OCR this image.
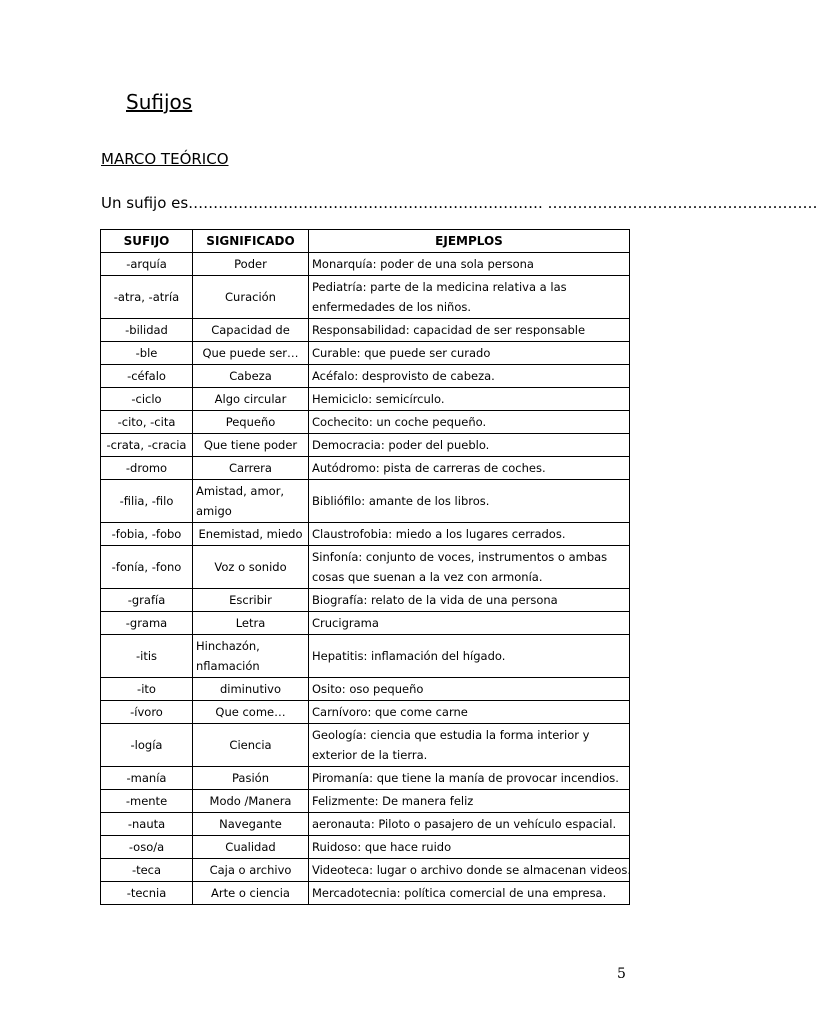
Sufijos
MARCO TEÓRICO
Un sufijo es…………………………………………………………….. ………………………………………………
SUFIJO	SIGNIFICADO	EJEMPLOS
-arquía	Poder	Monarquía: poder de una sola persona
-atra, -atría	Curación	Pediatría: parte de la medicina relativa a las enfermedades de los niños.
-bilidad	Capacidad de	Responsabilidad: capacidad de ser responsable
-ble	Que puede ser…	Curable: que puede ser curado
-céfalo	Cabeza	Acéfalo: desprovisto de cabeza.
-ciclo	Algo circular	Hemiciclo: semicírculo.
-cito, -cita	Pequeño	Cochecito: un coche pequeño.
-crata, -cracia	Que tiene poder	Democracia: poder del pueblo.
-dromo	Carrera	Autódromo: pista de carreras de coches.
-filia, -filo	Amistad, amor, amigo	Bibliófilo: amante de los libros.
-fobia, -fobo	Enemistad, miedo	Claustrofobia: miedo a los lugares cerrados.
-fonía, -fono	Voz o sonido	Sinfonía: conjunto de voces, instrumentos o ambas cosas que suenan a la vez con armonía.
-grafía	Escribir	Biografía: relato de la vida de una persona
-grama	Letra	Crucigrama
-itis	Hinchazón, nflamación	Hepatitis: inflamación del hígado.
-ito	diminutivo	Osito: oso pequeño
-ívoro	Que come…	Carnívoro: que come carne
-logía	Ciencia	Geología: ciencia que estudia la forma interior y exterior de la tierra.
-manía	Pasión	Piromanía: que tiene la manía de provocar incendios.
-mente	Modo /Manera	Felizmente: De manera feliz
-nauta	Navegante	aeronauta: Piloto o pasajero de un vehículo espacial.
-oso/a	Cualidad	Ruidoso: que hace ruido
-teca	Caja o archivo	Videoteca: lugar o archivo donde se almacenan videos.
-tecnia	Arte o ciencia	Mercadotecnia: política comercial de una empresa.
5
